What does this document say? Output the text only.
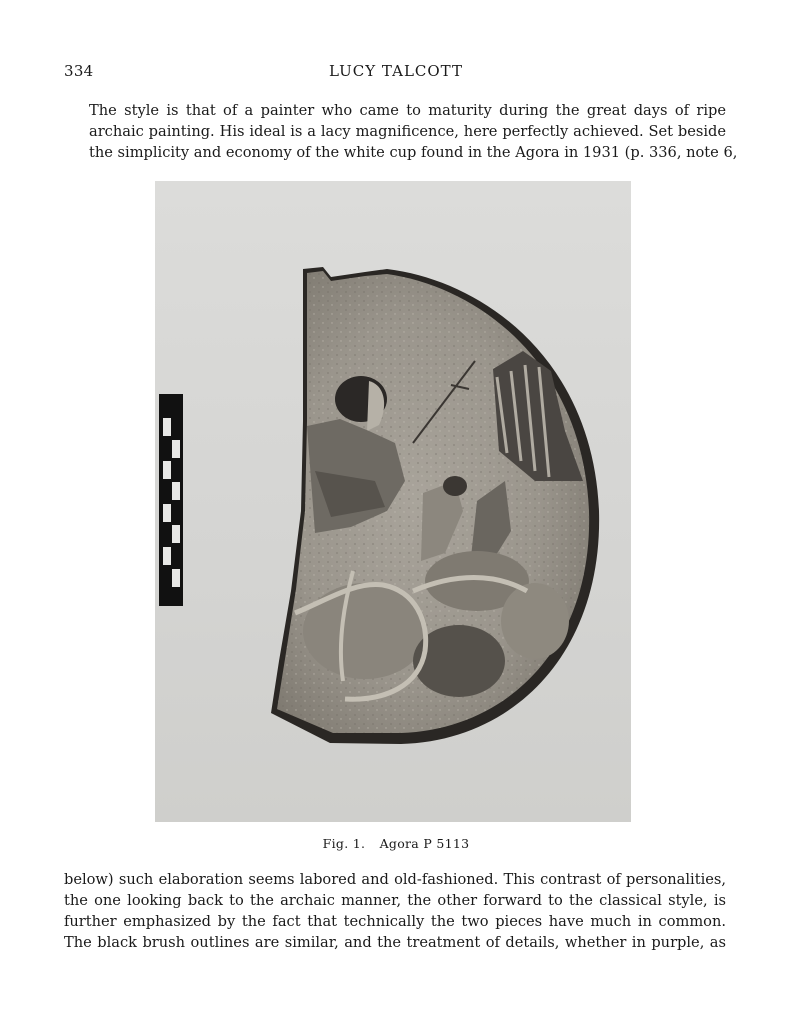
334	LUCY TALCOTT

The style is that of a painter who came to maturity during the great days of ripe
archaic painting. His ideal is a lacy magnificence, here perfectly achieved. Set beside
the simplicity and economy of the white cup found in the Agora in 1931 (p. 336, note 6,

Fig. 1. Agora P 5113

below) such elaboration seems labored and old-fashioned. This contrast of personalities,
the one looking back to the archaic manner, the other forward to the classical style, is
further emphasized by the fact that technically the two pieces have much in common.
The black brush outlines are similar, and the treatment of details, whether in purple, as
